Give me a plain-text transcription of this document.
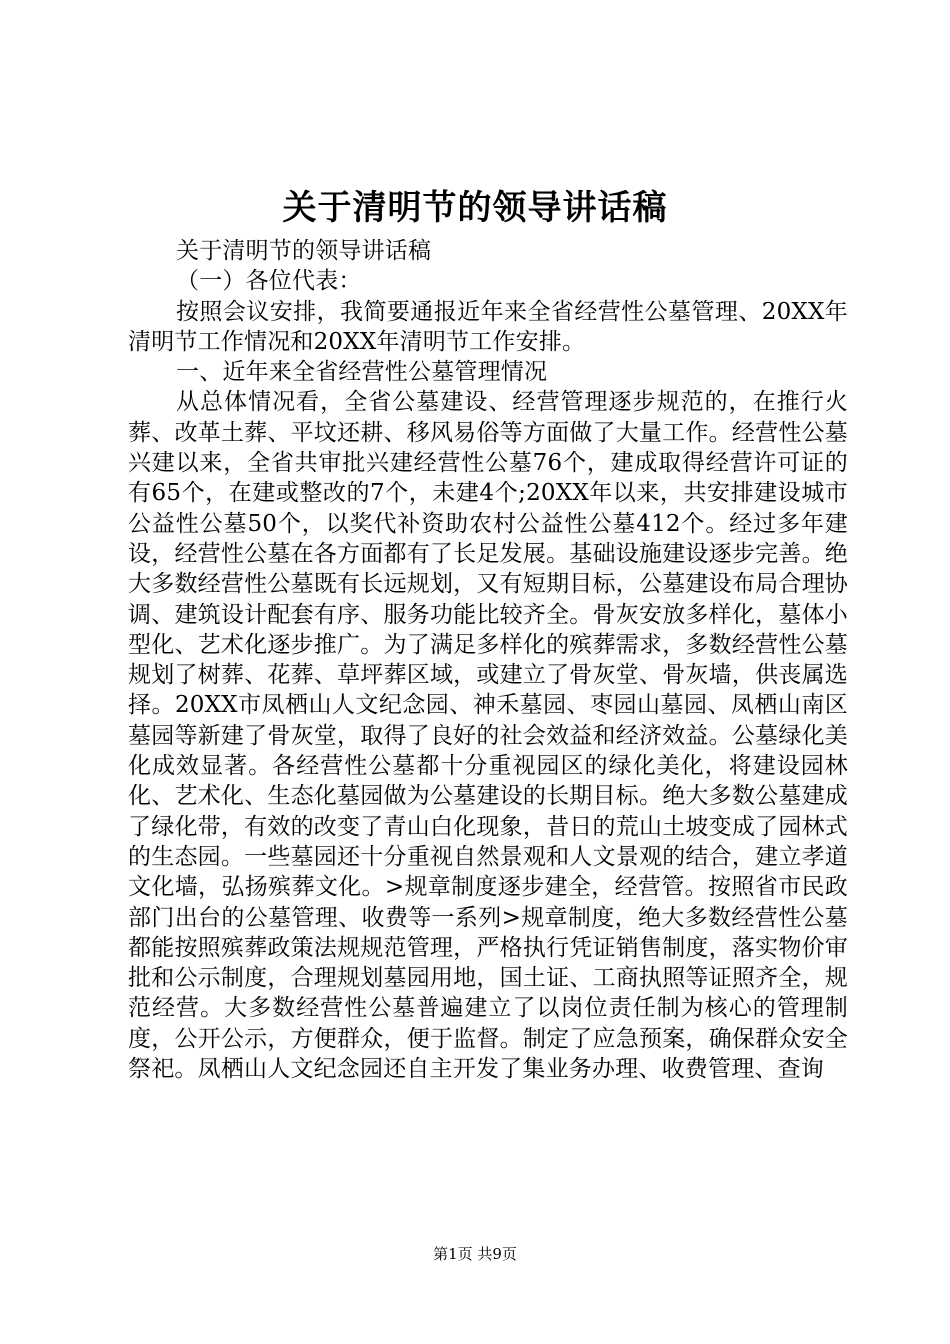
关于清明节的领导讲话稿

关于清明节的领导讲话稿

（一）各位代表：

按照会议安排，我简要通报近年来全省经营性公墓管理、20XX年清明节工作情况和20XX年清明节工作安排。

一、近年来全省经营性公墓管理情况

从总体情况看，全省公墓建设、经营管理逐步规范的，在推行火葬、改革土葬、平坟还耕、移风易俗等方面做了大量工作。经营性公墓兴建以来，全省共审批兴建经营性公墓76个，建成取得经营许可证的有65个，在建或整改的7个，未建4个;20XX年以来，共安排建设城市公益性公墓50个，以奖代补资助农村公益性公墓412个。经过多年建设，经营性公墓在各方面都有了长足发展。基础设施建设逐步完善。绝大多数经营性公墓既有长远规划，又有短期目标，公墓建设布局合理协调、建筑设计配套有序、服务功能比较齐全。骨灰安放多样化，墓体小型化、艺术化逐步推广。为了满足多样化的殡葬需求，多数经营性公墓规划了树葬、花葬、草坪葬区域，或建立了骨灰堂、骨灰墙，供丧属选择。20XX市凤栖山人文纪念园、神禾墓园、枣园山墓园、凤栖山南区墓园等新建了骨灰堂，取得了良好的社会效益和经济效益。公墓绿化美化成效显著。各经营性公墓都十分重视园区的绿化美化，将建设园林化、艺术化、生态化墓园做为公墓建设的长期目标。绝大多数公墓建成了绿化带，有效的改变了青山白化现象，昔日的荒山土坡变成了园林式的生态园。一些墓园还十分重视自然景观和人文景观的结合，建立孝道文化墙，弘扬殡葬文化。>规章制度逐步建全，经营管。按照省市民政部门出台的公墓管理、收费等一系列>规章制度，绝大多数经营性公墓都能按照殡葬政策法规规范管理，严格执行凭证销售制度，落实物价审批和公示制度，合理规划墓园用地，国土证、工商执照等证照齐全，规范经营。大多数经营性公墓普遍建立了以岗位责任制为核心的管理制度，公开公示，方便群众，便于监督。制定了应急预案，确保群众安全祭祀。凤栖山人文纪念园还自主开发了集业务办理、收费管理、查询

第1页 共9页
